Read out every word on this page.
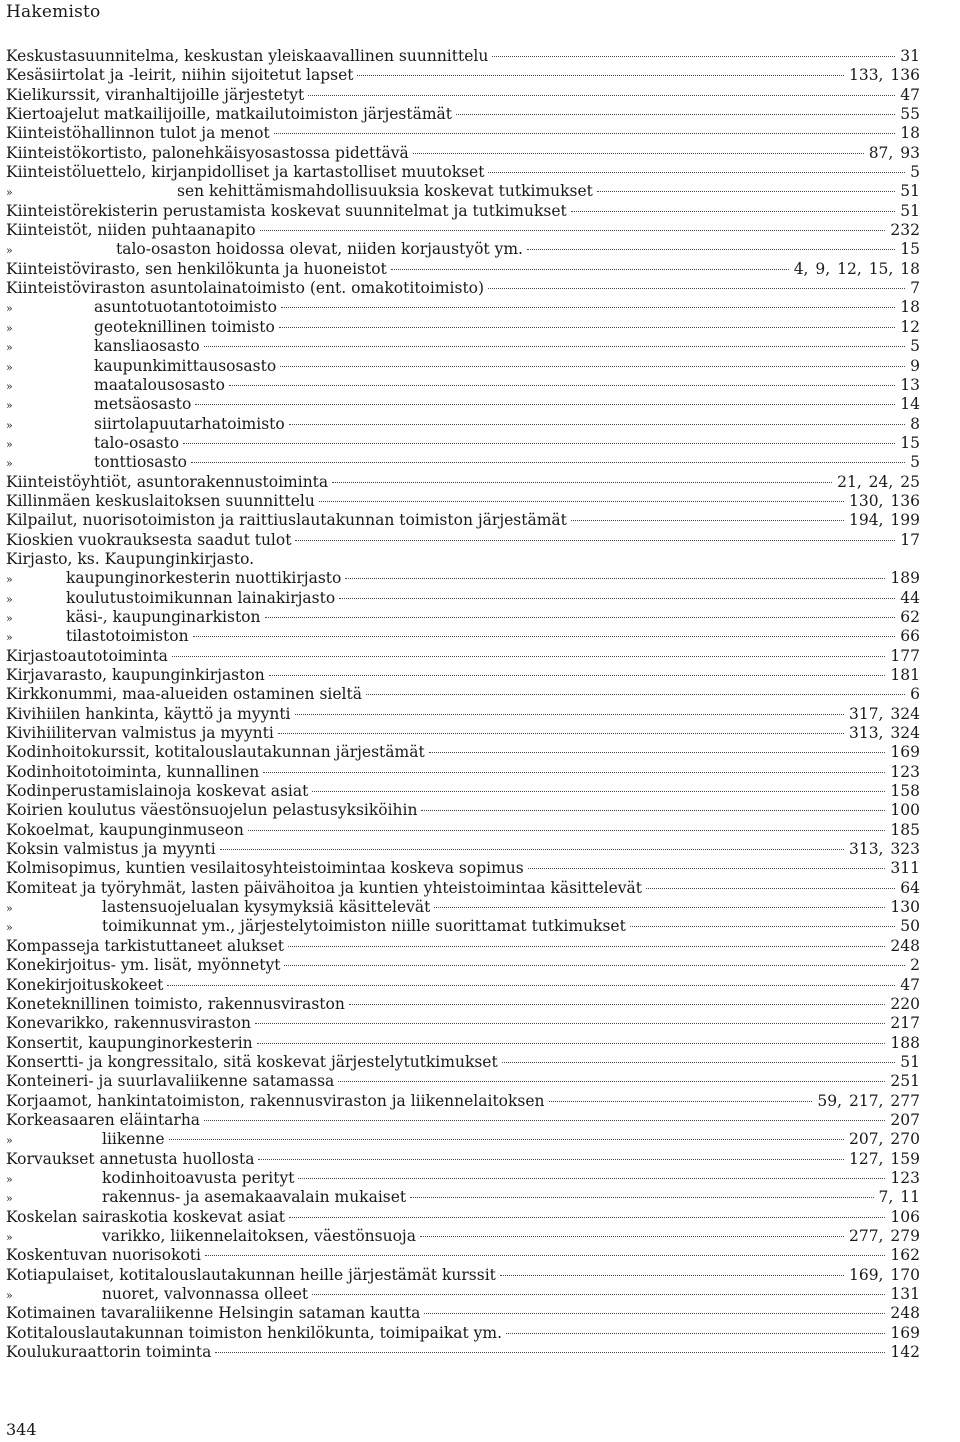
Hakemisto
Keskustasuunnitelma, keskustan yleiskaavallinen suunnittelu	31
Kesäsiirtolat ja -leirit, niihin sijoitetut lapset	133, 136
Kielikurssit, viranhaltijoille järjestetyt	47
Kiertoajelut matkailijoille, matkailutoimiston järjestämät	55
Kiinteistöhallinnon tulot ja menot	18
Kiinteistökortisto, palonehkäisyosastossa pidettävä	87, 93
Kiinteistöluettelo, kirjanpidolliset ja kartastolliset muutokset	5
»	sen kehittämismahdollisuuksia koskevat tutkimukset	51
Kiinteistörekisterin perustamista koskevat suunnitelmat ja tutkimukset	51
Kiinteistöt, niiden puhtaanapito	232
»	talo-osaston hoidossa olevat, niiden korjaustyöt ym.	15
Kiinteistövirasto, sen henkilökunta ja huoneistot	4, 9, 12, 15, 18
Kiinteistöviraston asuntolainatoimisto (ent. omakotitoimisto)	7
»	asuntotuotantotoimisto	18
»	geoteknillinen toimisto	12
»	kansliaosasto	5
»	kaupunkimittausosasto	9
»	maatalousosasto	13
»	metsäosasto	14
»	siirtolapuutarhatoimisto	8
»	talo-osasto	15
»	tonttiosasto	5
Kiinteistöyhtiöt, asuntorakennustoiminta	21, 24, 25
Killinmäen keskuslaitoksen suunnittelu	130, 136
Kilpailut, nuorisotoimiston ja raittiuslautakunnan toimiston järjestämät	194, 199
Kioskien vuokrauksesta saadut tulot	17
Kirjasto, ks. Kaupunginkirjasto.
»	kaupunginorkesterin nuottikirjasto	189
»	koulutustoimikunnan lainakirjasto	44
»	käsi-, kaupunginarkiston	62
»	tilastotoimiston	66
Kirjastoautotoiminta	177
Kirjavarasto, kaupunginkirjaston	181
Kirkkonummi, maa-alueiden ostaminen sieltä	6
Kivihiilen hankinta, käyttö ja myynti	317, 324
Kivihiilitervan valmistus ja myynti	313, 324
Kodinhoitokurssit, kotitalouslautakunnan järjestämät	169
Kodinhoitotoiminta, kunnallinen	123
Kodinperustamislainoja koskevat asiat	158
Koirien koulutus väestönsuojelun pelastusyksiköihin	100
Kokoelmat, kaupunginmuseon	185
Koksin valmistus ja myynti	313, 323
Kolmisopimus, kuntien vesilaitosyhteistoimintaa koskeva sopimus	311
Komiteat ja työryhmät, lasten päivähoitoa ja kuntien yhteistoimintaa käsittelevät	64
»	lastensuojelualan kysymyksiä käsittelevät	130
»	toimikunnat ym., järjestelytoimiston niille suorittamat tutkimukset	50
Kompasseja tarkistuttaneet alukset	248
Konekirjoitus- ym. lisät, myönnetyt	2
Konekirjoituskokeet	47
Koneteknillinen toimisto, rakennusviraston	220
Konevarikko, rakennusviraston	217
Konsertit, kaupunginorkesterin	188
Konsertti- ja kongressitalo, sitä koskevat järjestelytutkimukset	51
Konteineri- ja suurlavaliikenne satamassa	251
Korjaamot, hankintatoimiston, rakennusviraston ja liikennelaitoksen	59, 217, 277
Korkeasaaren eläintarha	207
»	liikenne	207, 270
Korvaukset annetusta huollosta	127, 159
»	kodinhoitoavusta perityt	123
»	rakennus- ja asemakaavalain mukaiset	7, 11
Koskelan sairaskotia koskevat asiat	106
»	varikko, liikennelaitoksen, väestönsuoja	277, 279
Koskentuvan nuorisokoti	162
Kotiapulaiset, kotitalouslautakunnan heille järjestämät kurssit	169, 170
»	nuoret, valvonnassa olleet	131
Kotimainen tavaraliikenne Helsingin sataman kautta	248
Kotitalouslautakunnan toimiston henkilökunta, toimipaikat ym.	169
Koulukuraattorin toiminta	142
344
